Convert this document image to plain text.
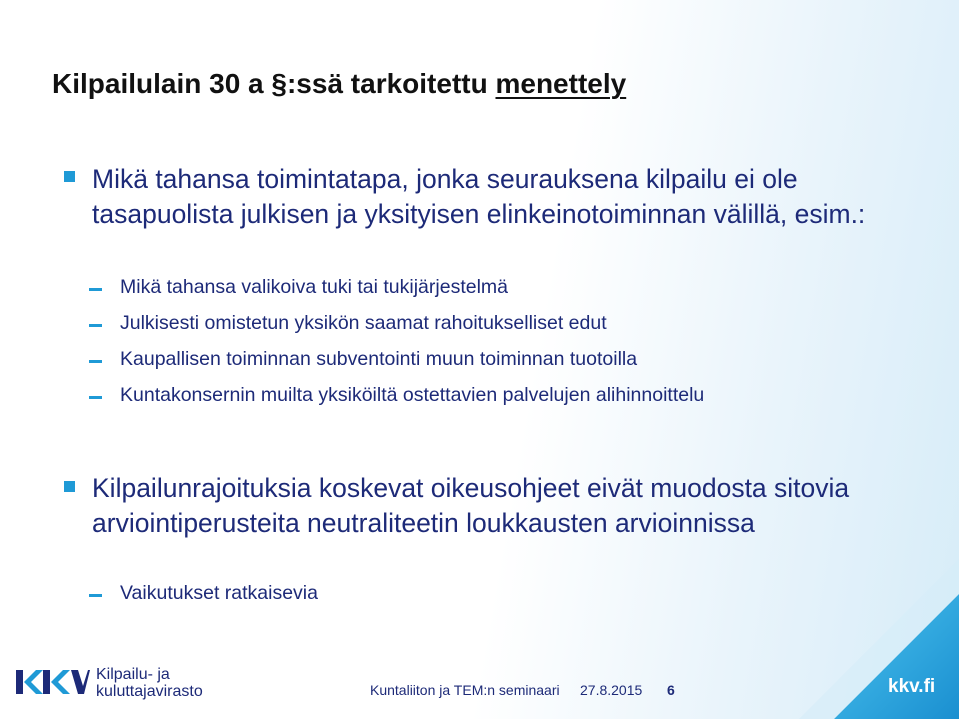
Kilpailulain 30 a §:ssä tarkoitettu menettely
Mikä tahansa toimintatapa, jonka seurauksena kilpailu ei ole tasapuolista julkisen ja yksityisen elinkeinotoiminnan välillä, esim.:
Mikä tahansa valikoiva tuki tai tukijärjestelmä
Julkisesti omistetun yksikön saamat rahoitukselliset edut
Kaupallisen toiminnan subventointi muun toiminnan tuotoilla
Kuntakonsernin muilta yksiköiltä ostettavien palvelujen alihinnoittelu
Kilpailunrajoituksia koskevat oikeusohjeet eivät muodosta sitovia arviointiperusteita neutraliteetin loukkausten arvioinnissa
Vaikutukset ratkaisevia
Kilpailu- ja
kuluttajavirasto	Kuntaliiton ja TEM:n seminaari 27.8.2015 6	kkv.fi
